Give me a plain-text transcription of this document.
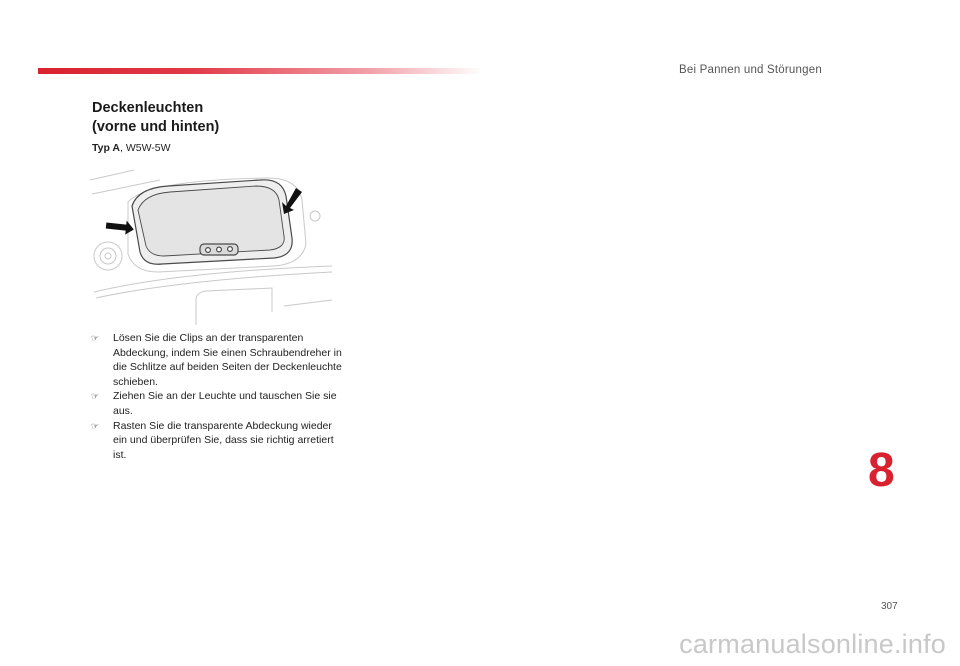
Bei Pannen und Störungen
Deckenleuchten
(vorne und hinten)
Typ A, W5W-5W
☞	Lösen Sie die Clips an der transparenten Abdeckung, indem Sie einen Schraubendreher in die Schlitze auf beiden Seiten der Deckenleuchte schieben.
☞	Ziehen Sie an der Leuchte und tauschen Sie sie aus.
☞	Rasten Sie die transparente Abdeckung wieder ein und überprüfen Sie, dass sie richtig arretiert ist.	8
307
carmanualsonline.info
